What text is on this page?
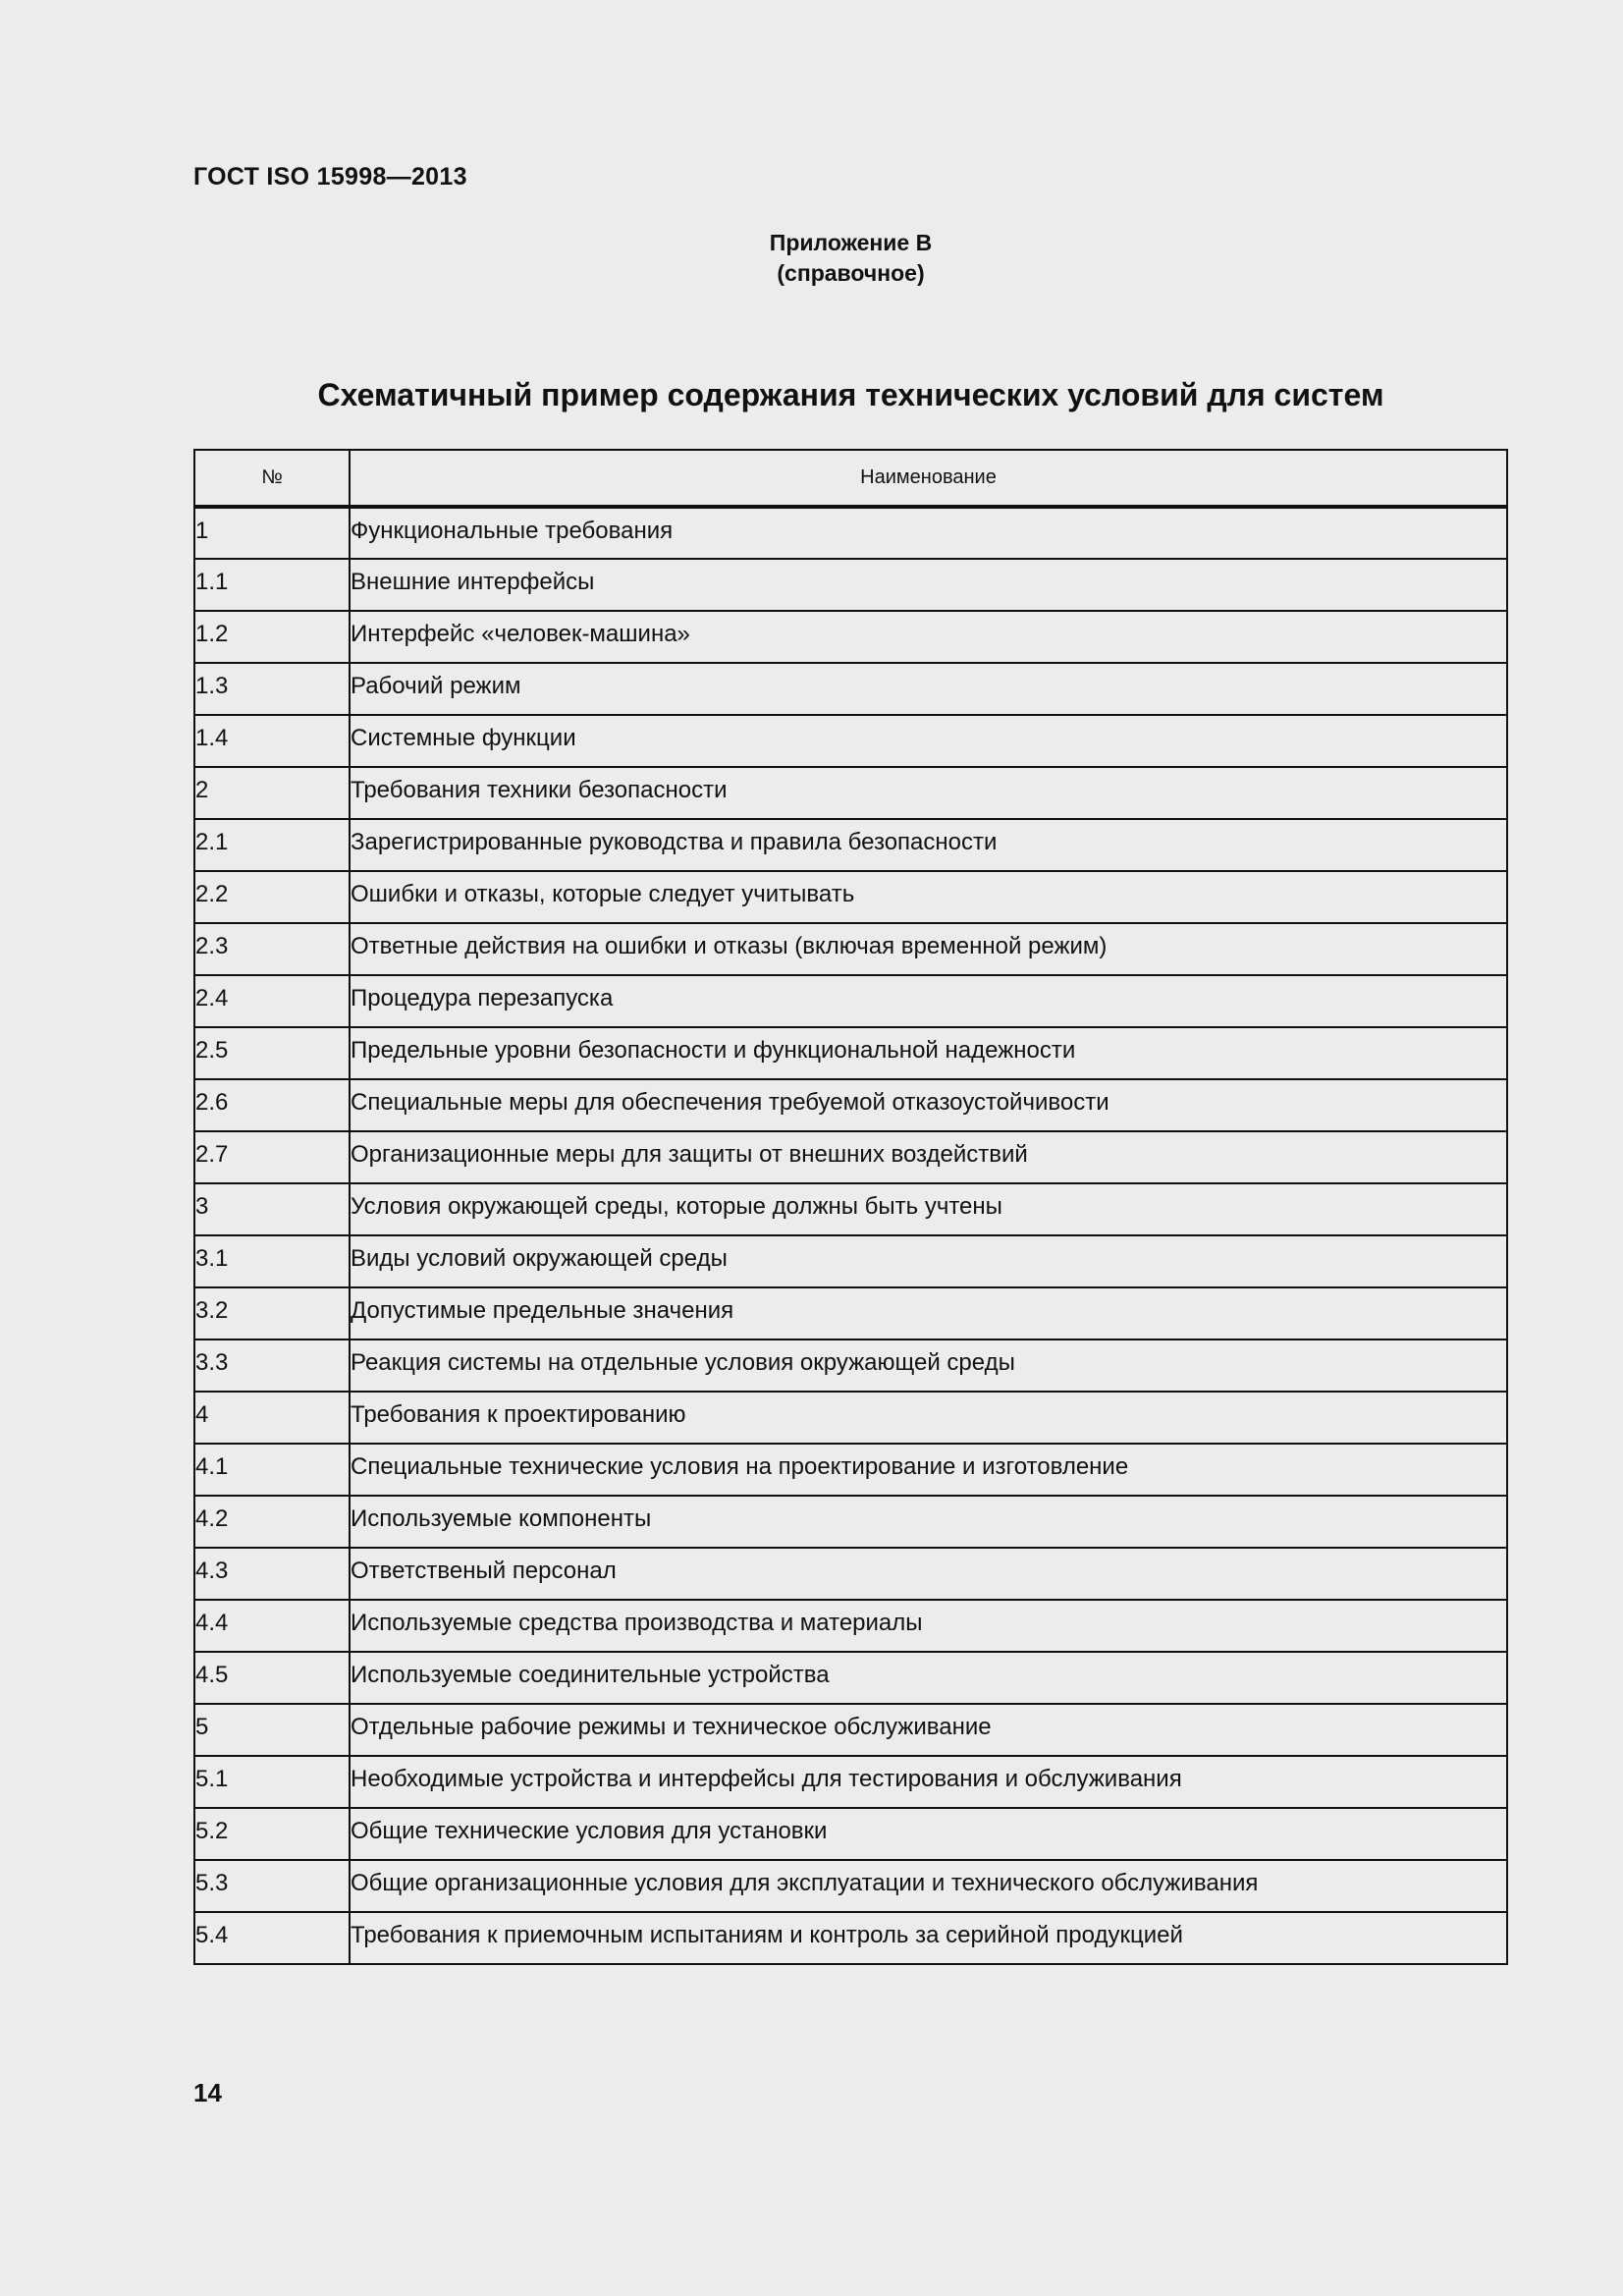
ГОСТ ISO 15998—2013
Приложение В
(справочное)
Схематичный пример содержания технических условий для систем
№	Наименование
1	Функциональные требования
1.1	Внешние интерфейсы
1.2	Интерфейс «человек-машина»
1.3	Рабочий режим
1.4	Системные функции
2	Требования техники безопасности
2.1	Зарегистрированные руководства и правила безопасности
2.2	Ошибки и отказы, которые следует учитывать
2.3	Ответные действия на ошибки и отказы (включая временной режим)
2.4	Процедура перезапуска
2.5	Предельные уровни безопасности и функциональной надежности
2.6	Специальные меры для обеспечения требуемой отказоустойчивости
2.7	Организационные меры для защиты от внешних воздействий
3	Условия окружающей среды, которые должны быть учтены
3.1	Виды условий окружающей среды
3.2	Допустимые предельные значения
3.3	Реакция системы на отдельные условия окружающей среды
4	Требования к проектированию
4.1	Специальные технические условия на проектирование и изготовление
4.2	Используемые компоненты
4.3	Ответственый персонал
4.4	Используемые средства производства и материалы
4.5	Используемые соединительные устройства
5	Отдельные рабочие режимы и техническое обслуживание
5.1	Необходимые устройства и интерфейсы для тестирования и обслуживания
5.2	Общие технические условия для установки
5.3	Общие организационные условия для эксплуатации и технического обслуживания
5.4	Требования к приемочным испытаниям и контроль за серийной продукцией
14
